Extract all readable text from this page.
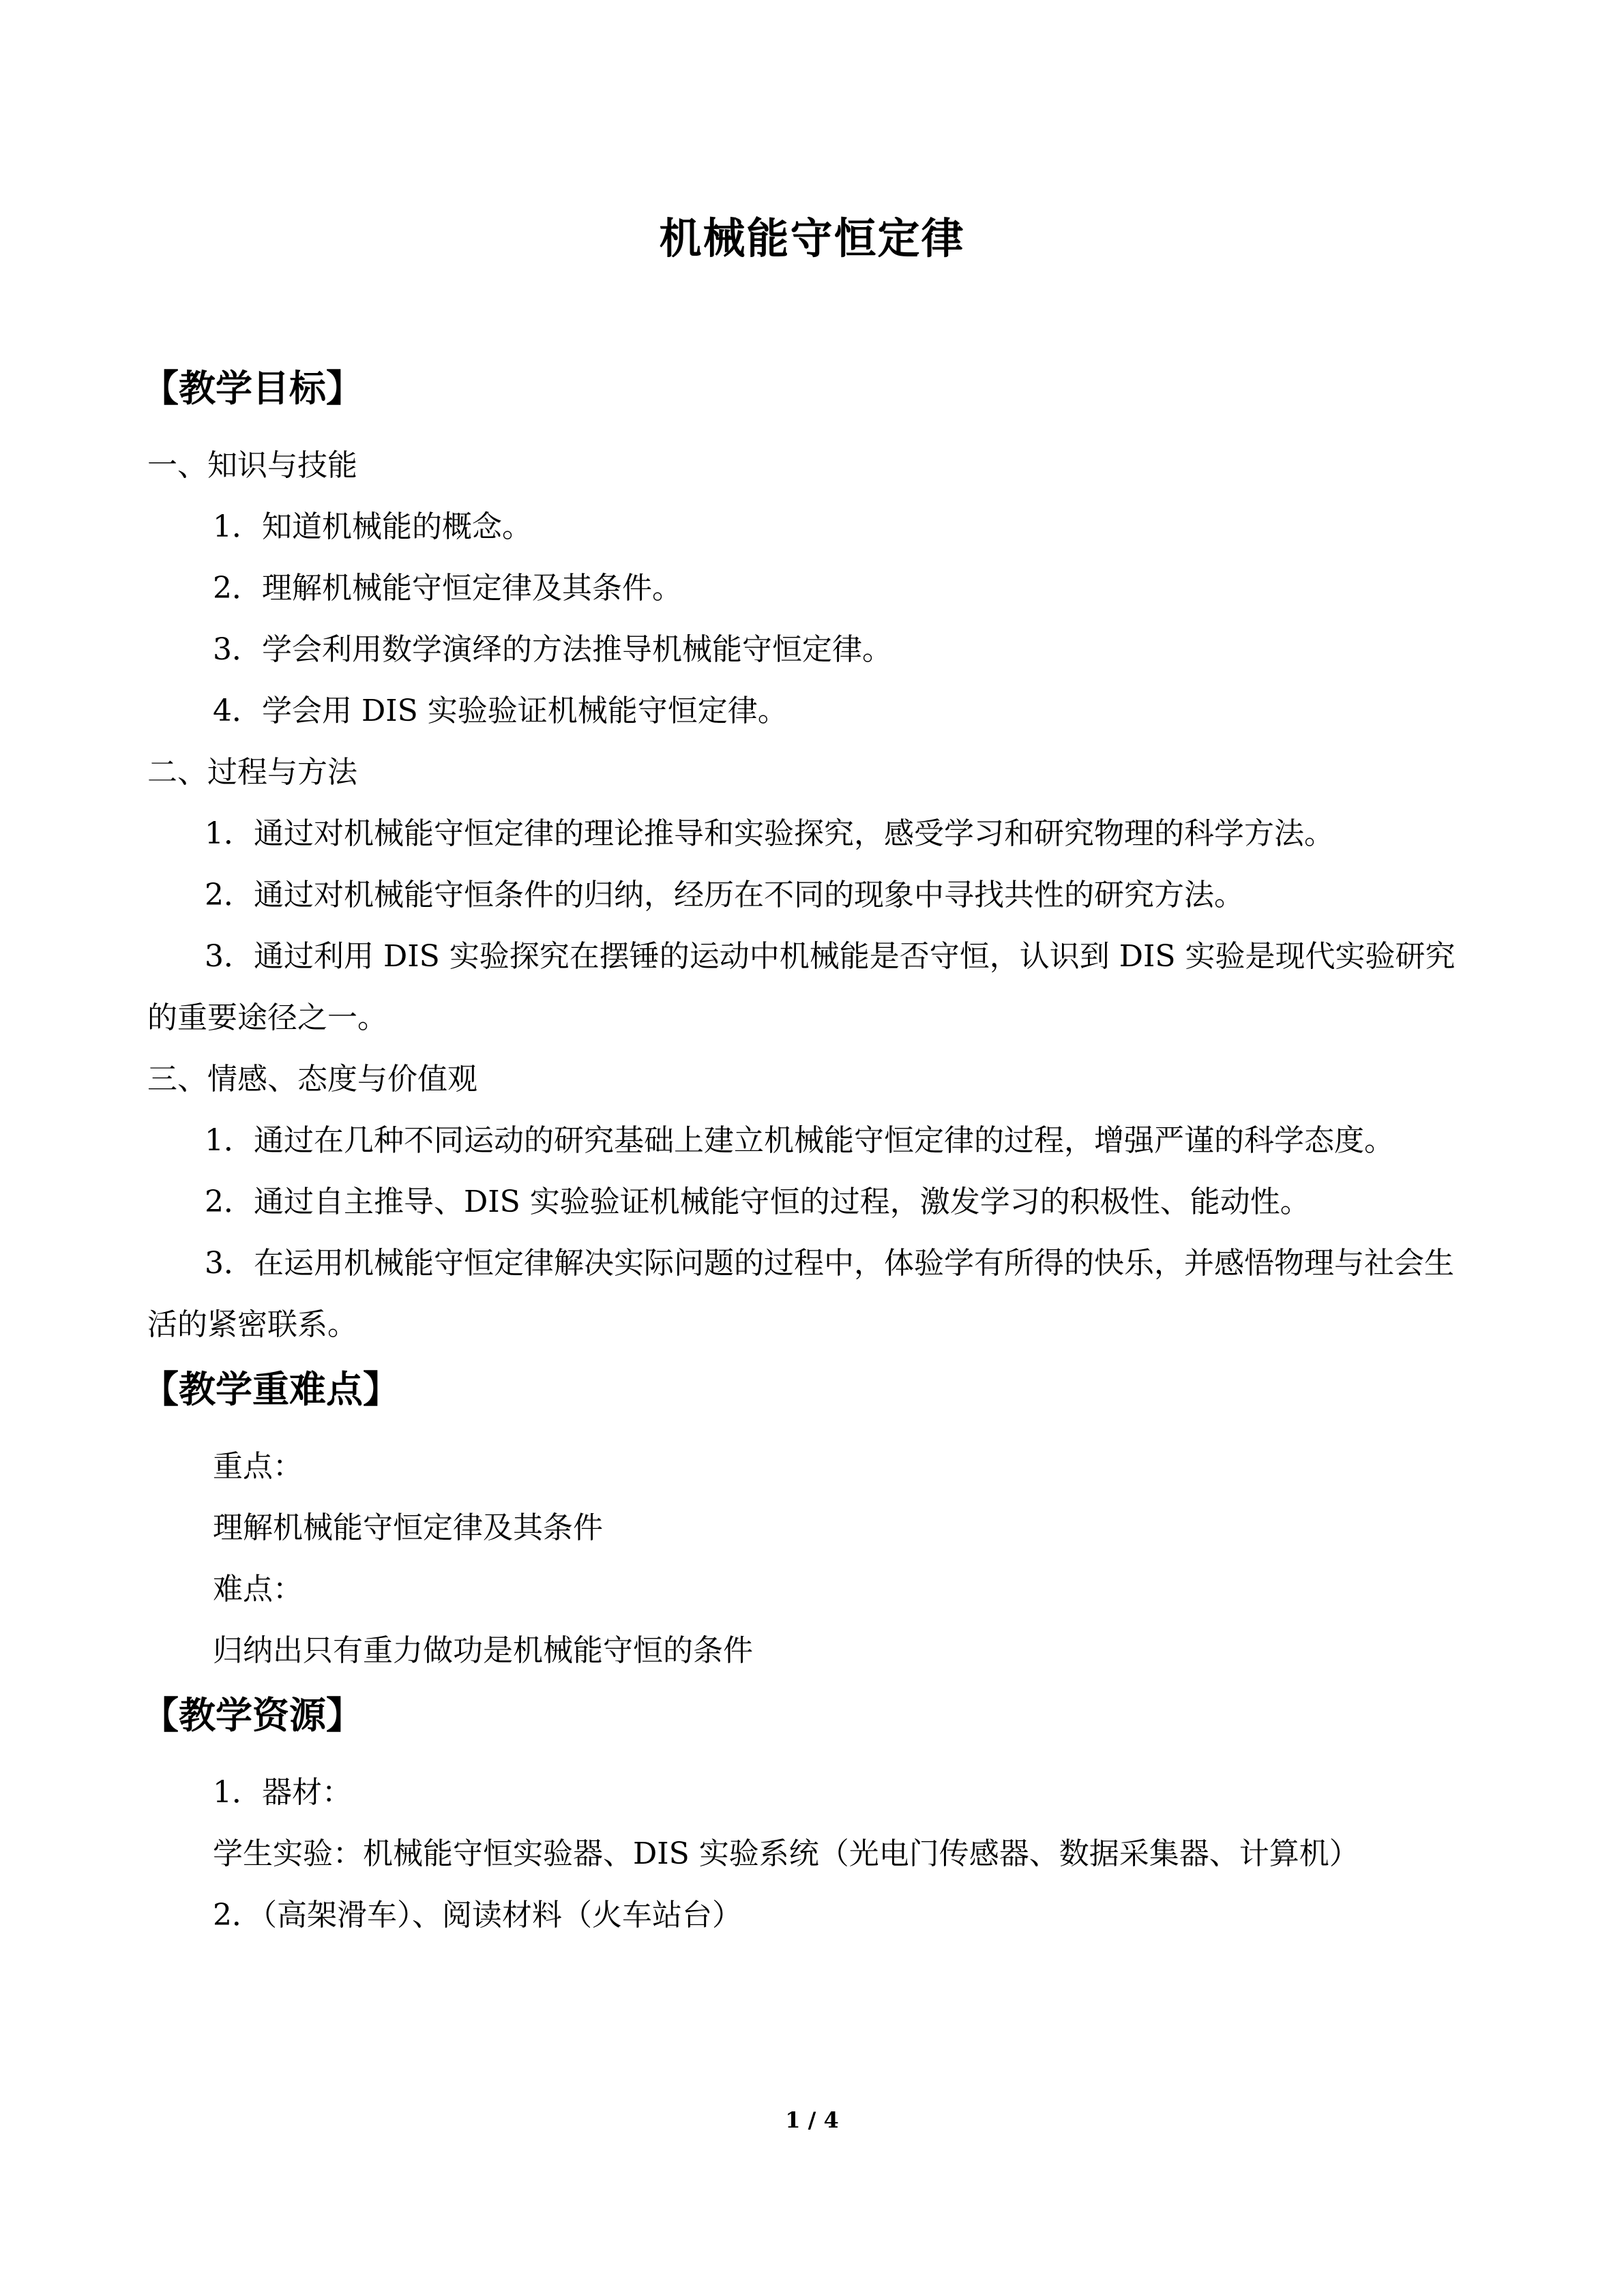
机械能守恒定律
【教学目标】
一、知识与技能
1．知道机械能的概念。
2．理解机械能守恒定律及其条件。
3．学会利用数学演绎的方法推导机械能守恒定律。
4．学会用 DIS 实验验证机械能守恒定律。
二、过程与方法
1．通过对机械能守恒定律的理论推导和实验探究，感受学习和研究物理的科学方法。
2．通过对机械能守恒条件的归纳，经历在不同的现象中寻找共性的研究方法。
3．通过利用 DIS 实验探究在摆锤的运动中机械能是否守恒，认识到 DIS 实验是现代实验研究的重要途径之一。
三、情感、态度与价值观
1．通过在几种不同运动的研究基础上建立机械能守恒定律的过程，增强严谨的科学态度。
2．通过自主推导、DIS 实验验证机械能守恒的过程，激发学习的积极性、能动性。
3．在运用机械能守恒定律解决实际问题的过程中，体验学有所得的快乐，并感悟物理与社会生活的紧密联系。
【教学重难点】
重点：
理解机械能守恒定律及其条件
难点：
归纳出只有重力做功是机械能守恒的条件
【教学资源】
1．器材：
学生实验：机械能守恒实验器、DIS 实验系统（光电门传感器、数据采集器、计算机）
2．（高架滑车）、阅读材料（火车站台）
1 / 4
